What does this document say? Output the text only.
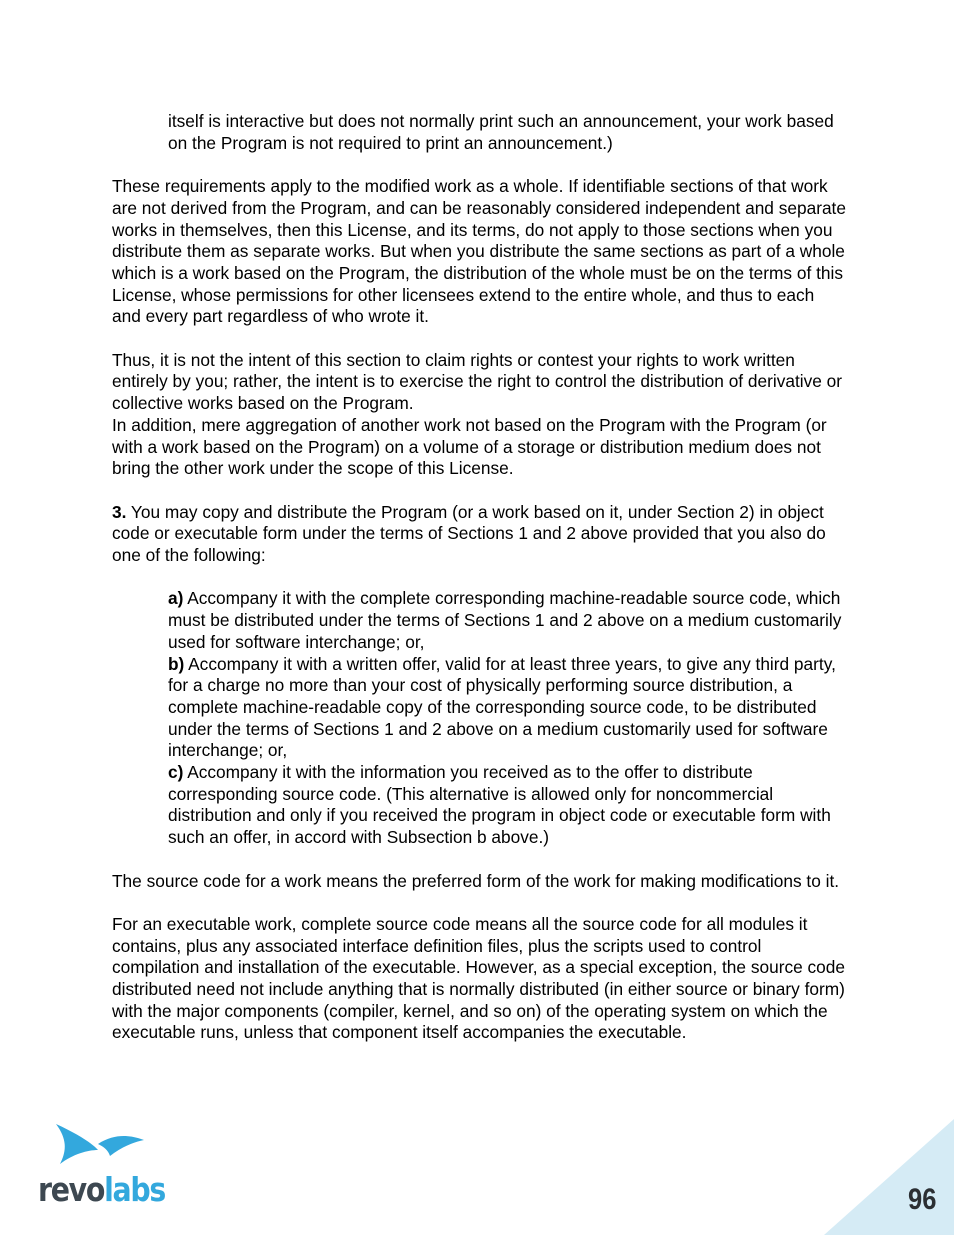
itself is interactive but does not normally print such an announcement, your work based on the Program is not required to print an announcement.)

These requirements apply to the modified work as a whole. If identifiable sections of that work are not derived from the Program, and can be reasonably considered independent and separate works in themselves, then this License, and its terms, do not apply to those sections when you distribute them as separate works. But when you distribute the same sections as part of a whole which is a work based on the Program, the distribution of the whole must be on the terms of this License, whose permissions for other licensees extend to the entire whole, and thus to each and every part regardless of who wrote it.

Thus, it is not the intent of this section to claim rights or contest your rights to work written entirely by you; rather, the intent is to exercise the right to control the distribution of derivative or collective works based on the Program.

In addition, mere aggregation of another work not based on the Program with the Program (or with a work based on the Program) on a volume of a storage or distribution medium does not bring the other work under the scope of this License.

3. You may copy and distribute the Program (or a work based on it, under Section 2) in object code or executable form under the terms of Sections 1 and 2 above provided that you also do one of the following:

a) Accompany it with the complete corresponding machine-readable source code, which must be distributed under the terms of Sections 1 and 2 above on a medium customarily used for software interchange; or,

b) Accompany it with a written offer, valid for at least three years, to give any third party, for a charge no more than your cost of physically performing source distribution, a complete machine-readable copy of the corresponding source code, to be distributed under the terms of Sections 1 and 2 above on a medium customarily used for software interchange; or,

c) Accompany it with the information you received as to the offer to distribute corresponding source code. (This alternative is allowed only for noncommercial distribution and only if you received the program in object code or executable form with such an offer, in accord with Subsection b above.)

The source code for a work means the preferred form of the work for making modifications to it.

For an executable work, complete source code means all the source code for all modules it contains, plus any associated interface definition files, plus the scripts used to control compilation and installation of the executable. However, as a special exception, the source code distributed need not include anything that is normally distributed (in either source or binary form) with the major components (compiler, kernel, and so on) of the operating system on which the executable runs, unless that component itself accompanies the executable.

revolabs	96
